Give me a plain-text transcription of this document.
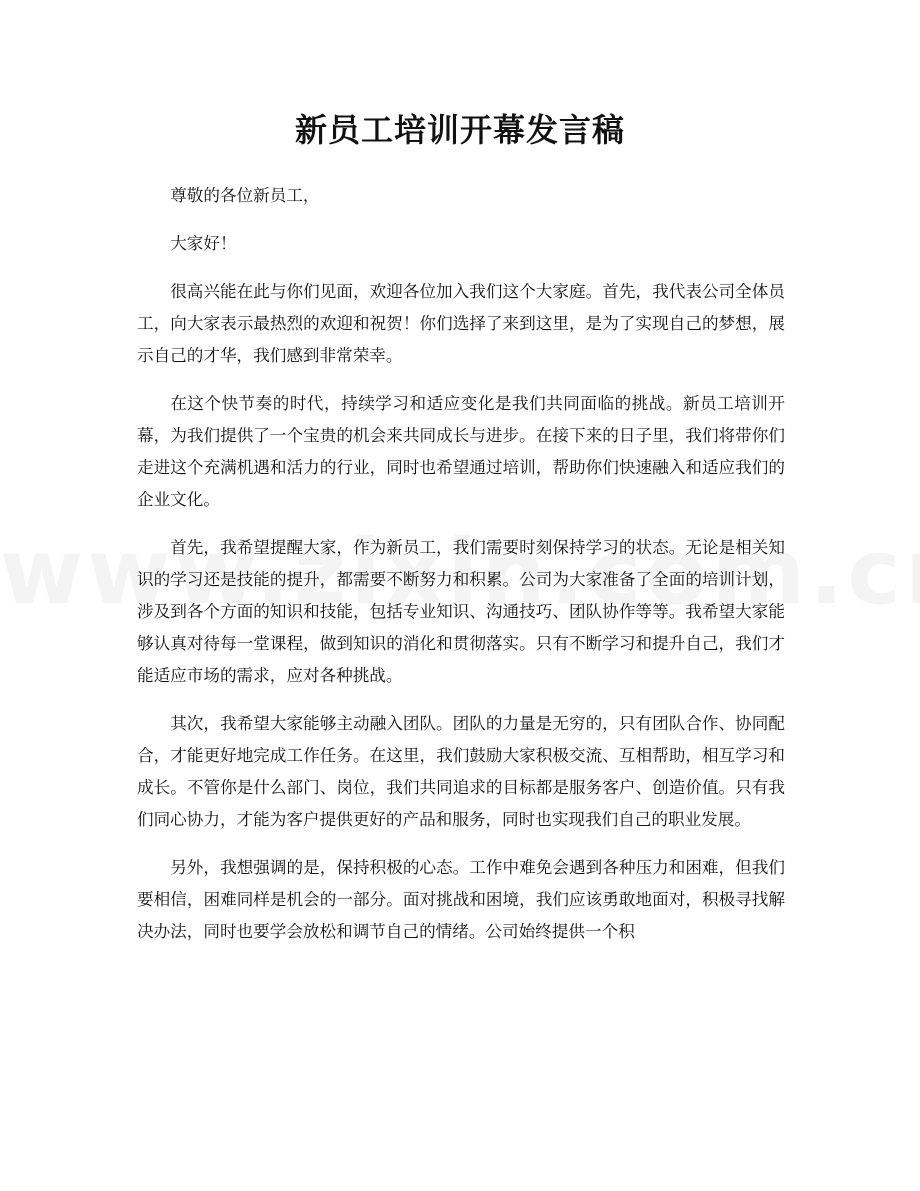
新员工培训开幕发言稿

尊敬的各位新员工，

大家好！

很高兴能在此与你们见面，欢迎各位加入我们这个大家庭。首先，我代表公司全体员工，向大家表示最热烈的欢迎和祝贺！你们选择了来到这里，是为了实现自己的梦想，展示自己的才华，我们感到非常荣幸。

在这个快节奏的时代，持续学习和适应变化是我们共同面临的挑战。新员工培训开幕，为我们提供了一个宝贵的机会来共同成长与进步。在接下来的日子里，我们将带你们走进这个充满机遇和活力的行业，同时也希望通过培训，帮助你们快速融入和适应我们的企业文化。

首先，我希望提醒大家，作为新员工，我们需要时刻保持学习的状态。无论是相关知识的学习还是技能的提升，都需要不断努力和积累。公司为大家准备了全面的培训计划，涉及到各个方面的知识和技能，包括专业知识、沟通技巧、团队协作等等。我希望大家能够认真对待每一堂课程，做到知识的消化和贯彻落实。只有不断学习和提升自己，我们才能适应市场的需求，应对各种挑战。

其次，我希望大家能够主动融入团队。团队的力量是无穷的，只有团队合作、协同配合，才能更好地完成工作任务。在这里，我们鼓励大家积极交流、互相帮助，相互学习和成长。不管你是什么部门、岗位，我们共同追求的目标都是服务客户、创造价值。只有我们同心协力，才能为客户提供更好的产品和服务，同时也实现我们自己的职业发展。

另外，我想强调的是，保持积极的心态。工作中难免会遇到各种压力和困难，但我们要相信，困难同样是机会的一部分。面对挑战和困境，我们应该勇敢地面对，积极寻找解决办法，同时也要学会放松和调节自己的情绪。公司始终提供一个积
